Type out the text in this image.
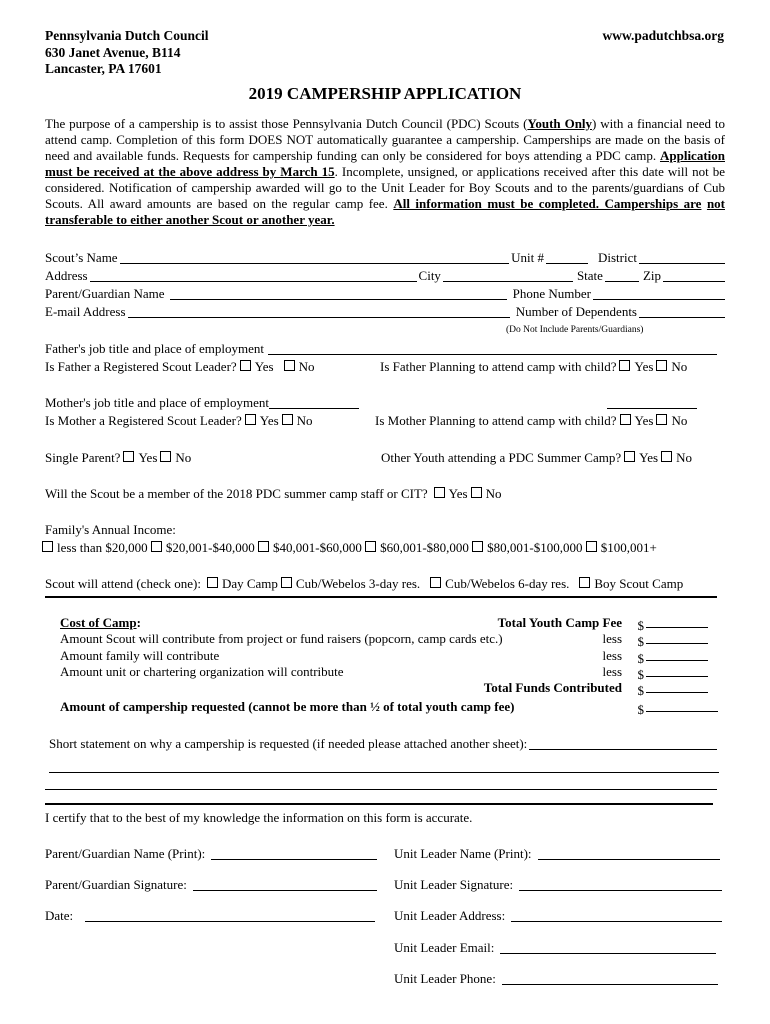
Pennsylvania Dutch Council
630 Janet Avenue, B114
Lancaster, PA 17601
www.padutchbsa.org
2019 CAMPERSHIP APPLICATION
The purpose of a campership is to assist those Pennsylvania Dutch Council (PDC) Scouts (Youth Only) with a financial need to attend camp. Completion of this form DOES NOT automatically guarantee a campership. Camperships are made on the basis of need and available funds. Requests for campership funding can only be considered for boys attending a PDC camp. Application must be received at the above address by March 15. Incomplete, unsigned, or applications received after this date will not be considered. Notification of campership awarded will go to the Unit Leader for Boy Scouts and to the parents/guardians of Cub Scouts. All award amounts are based on the regular camp fee. All information must be completed. Camperships are not transferable to either another Scout or another year.
Scout’s Name	Unit #	District
Address	City	State	Zip
Parent/Guardian Name	Phone Number
E-mail Address	Number of Dependents
(Do Not Include Parents/Guardians)
Father's job title and place of employment
Is Father a Registered Scout Leader? Yes No	Is Father Planning to attend camp with child? Yes No
Mother's job title and place of employment
Is Mother a Registered Scout Leader? Yes No	Is Mother Planning to attend camp with child? Yes No
Single Parent? Yes No	Other Youth attending a PDC Summer Camp? Yes No
Will the Scout be a member of the 2018 PDC summer camp staff or CIT? Yes No
Family's Annual Income:
less than $20,000 $20,001-$40,000 $40,001-$60,000 $60,001-$80,000 $80,001-$100,000 $100,001+
Scout will attend (check one): Day Camp Cub/Webelos 3-day res. Cub/Webelos 6-day res. Boy Scout Camp
Cost of Camp:	Total Youth Camp Fee $
Amount Scout will contribute from project or fund raisers (popcorn, camp cards etc.)	less $
Amount family will contribute	less $
Amount unit or chartering organization will contribute	less $
Total Funds Contributed $
Amount of campership requested (cannot be more than ½ of total youth camp fee)	$
Short statement on why a campership is requested (if needed please attached another sheet):
I certify that to the best of my knowledge the information on this form is accurate.
Parent/Guardian Name (Print):	Unit Leader Name (Print):
Parent/Guardian Signature:	Unit Leader Signature:
Date:	Unit Leader Address:
Unit Leader Email:
Unit Leader Phone:
